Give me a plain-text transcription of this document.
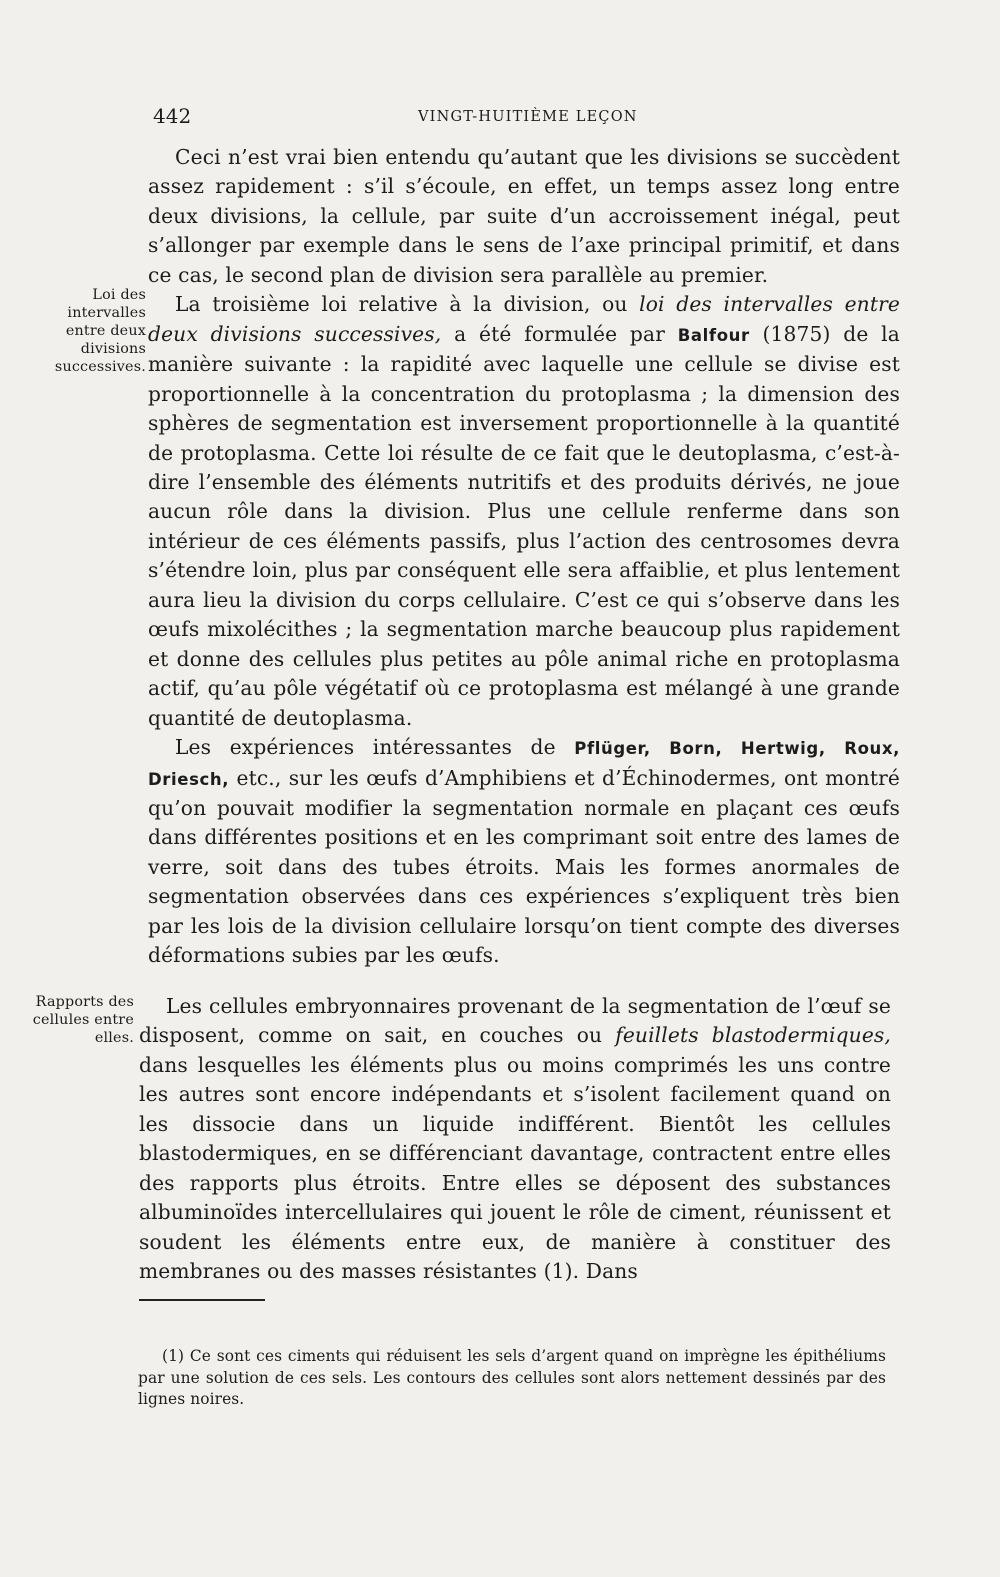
442	VINGT-HUITIÈME LEÇON
Loi des intervalles entre deux divisions successives.

Ceci n’est vrai bien entendu qu’autant que les divisions se succèdent assez rapidement : s’il s’écoule, en effet, un temps assez long entre deux divisions, la cellule, par suite d’un accroissement inégal, peut s’allonger par exemple dans le sens de l’axe principal primitif, et dans ce cas, le second plan de division sera parallèle au premier.

La troisième loi relative à la division, ou loi des intervalles entre deux divisions successives, a été formulée par Balfour (1875) de la manière suivante : la rapidité avec laquelle une cellule se divise est proportionnelle à la concentration du protoplasma ; la dimension des sphères de segmentation est inversement proportionnelle à la quantité de protoplasma. Cette loi résulte de ce fait que le deutoplasma, c’est-à-dire l’ensemble des éléments nutritifs et des produits dérivés, ne joue aucun rôle dans la division. Plus une cellule renferme dans son intérieur de ces éléments passifs, plus l’action des centrosomes devra s’étendre loin, plus par conséquent elle sera affaiblie, et plus lentement aura lieu la division du corps cellulaire. C’est ce qui s’observe dans les œufs mixolécithes ; la segmentation marche beaucoup plus rapidement et donne des cellules plus petites au pôle animal riche en protoplasma actif, qu’au pôle végétatif où ce protoplasma est mélangé à une grande quantité de deutoplasma.

Les expériences intéressantes de Pflüger, Born, Hertwig, Roux, Driesch, etc., sur les œufs d’Amphibiens et d’Échinodermes, ont montré qu’on pouvait modifier la segmentation normale en plaçant ces œufs dans différentes positions et en les comprimant soit entre des lames de verre, soit dans des tubes étroits. Mais les formes anormales de segmentation observées dans ces expériences s’expliquent très bien par les lois de la division cellulaire lorsqu’on tient compte des diverses déformations subies par les œufs.

Rapports des
cellules entre
elles.

Les cellules embryonnaires provenant de la segmentation de l’œuf se disposent, comme on sait, en couches ou feuillets blastodermiques, dans lesquelles les éléments plus ou moins comprimés les uns contre les autres sont encore indépendants et s’isolent facilement quand on les dissocie dans un liquide indifférent. Bientôt les cellules blastodermiques, en se différenciant davantage, contractent entre elles des rapports plus étroits. Entre elles se déposent des substances albuminoïdes intercellulaires qui jouent le rôle de ciment, réunissent et soudent les éléments entre eux, de manière à constituer des membranes ou des masses résistantes (1). Dans

(1) Ce sont ces ciments qui réduisent les sels d’argent quand on imprègne les épithéliums par une solution de ces sels. Les contours des cellules sont alors nettement dessinés par des lignes noires.
